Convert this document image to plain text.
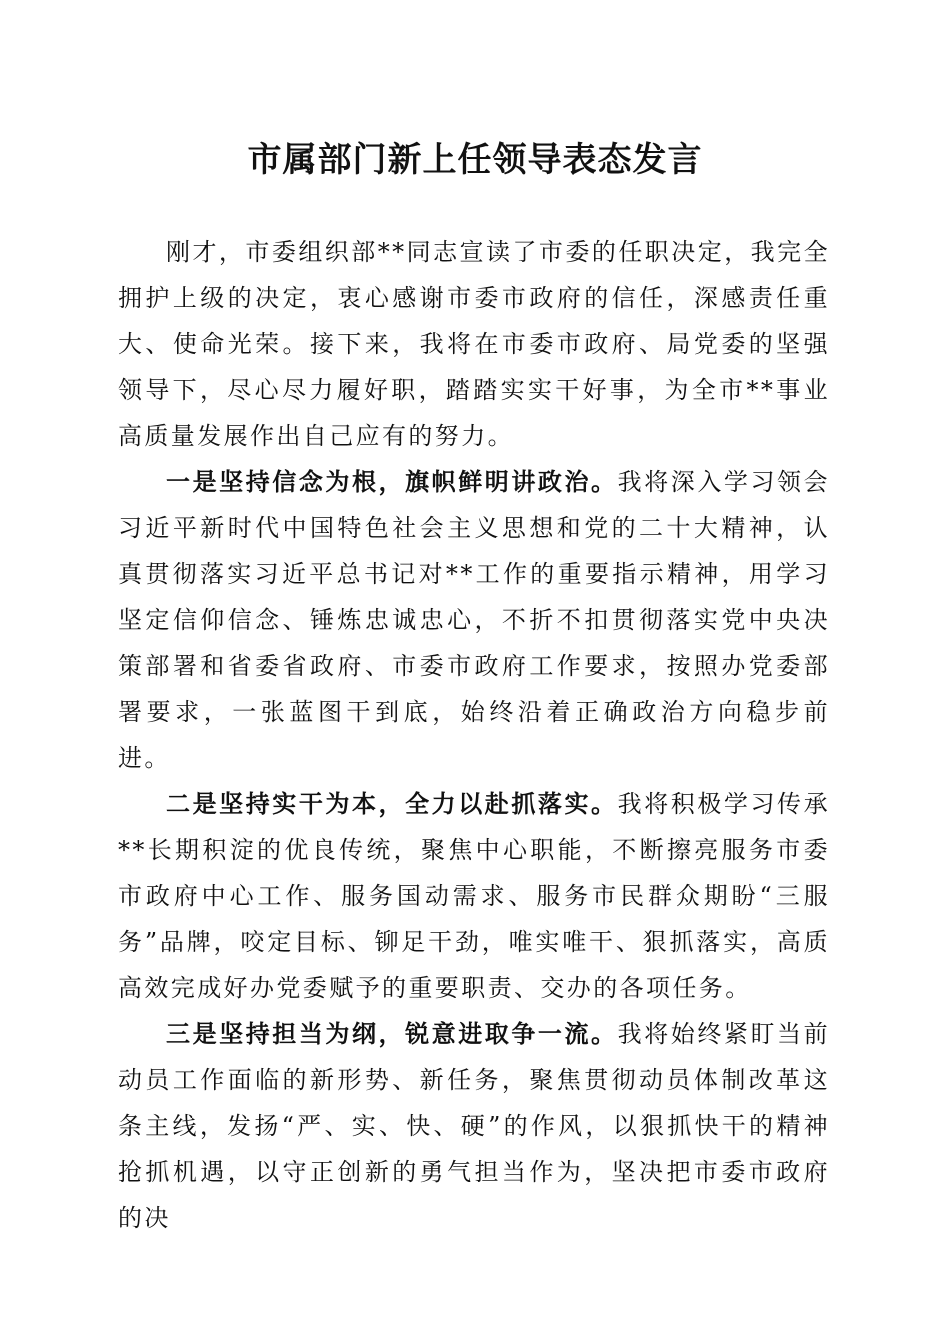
市属部门新上任领导表态发言

刚才，市委组织部**同志宣读了市委的任职决定，我完全拥护上级的决定，衷心感谢市委市政府的信任，深感责任重大、使命光荣。接下来，我将在市委市政府、局党委的坚强领导下，尽心尽力履好职，踏踏实实干好事，为全市**事业高质量发展作出自己应有的努力。

一是坚持信念为根，旗帜鲜明讲政治。我将深入学习领会习近平新时代中国特色社会主义思想和党的二十大精神，认真贯彻落实习近平总书记对**工作的重要指示精神，用学习坚定信仰信念、锤炼忠诚忠心，不折不扣贯彻落实党中央决策部署和省委省政府、市委市政府工作要求，按照办党委部署要求，一张蓝图干到底，始终沿着正确政治方向稳步前进。

二是坚持实干为本，全力以赴抓落实。我将积极学习传承**长期积淀的优良传统，聚焦中心职能，不断擦亮服务市委市政府中心工作、服务国动需求、服务市民群众期盼“三服务”品牌，咬定目标、铆足干劲，唯实唯干、狠抓落实，高质高效完成好办党委赋予的重要职责、交办的各项任务。

三是坚持担当为纲，锐意进取争一流。我将始终紧盯当前动员工作面临的新形势、新任务，聚焦贯彻动员体制改革这条主线，发扬“严、实、快、硬”的作风，以狠抓快干的精神抢抓机遇，以守正创新的勇气担当作为，坚决把市委市政府的决
